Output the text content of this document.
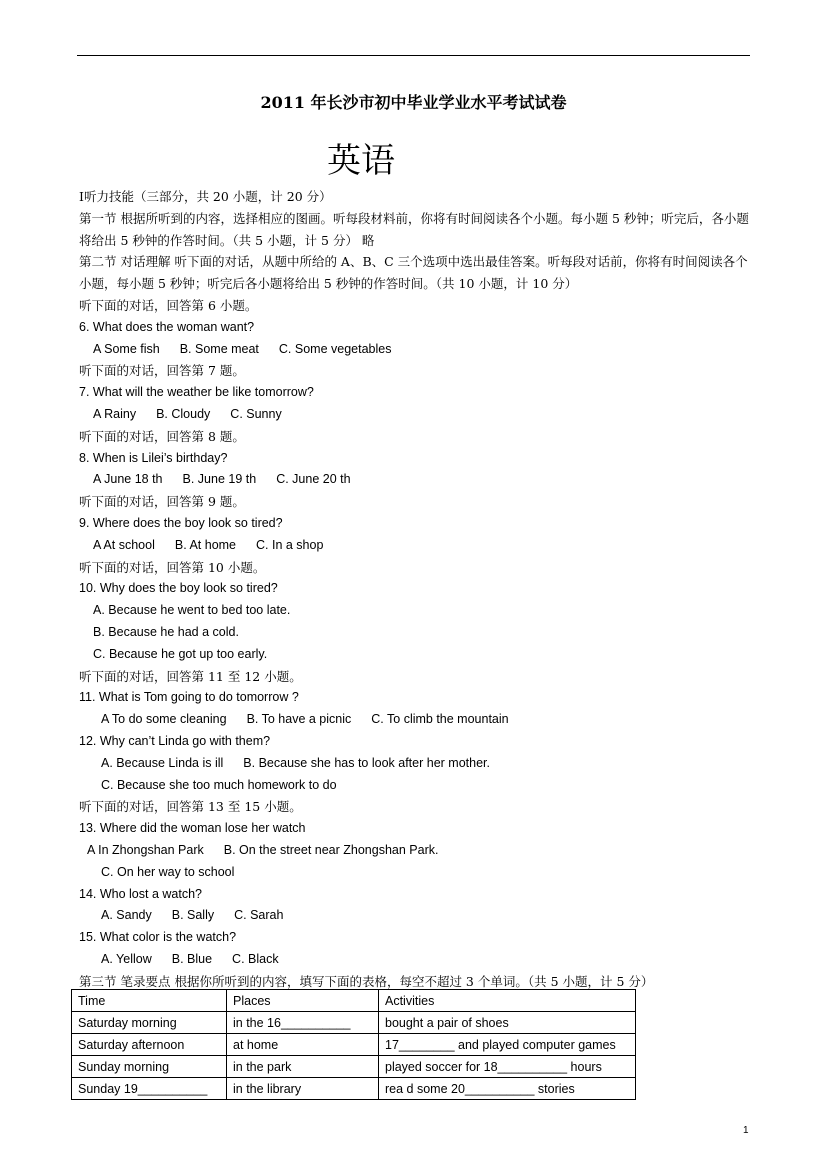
2011 年长沙市初中毕业学业水平考试试卷
英语
Ⅰ听力技能（三部分，共 20 小题，计 20 分）
第一节 根据所听到的内容，选择相应的图画。听每段材料前，你将有时间阅读各个小题。每小题 5 秒钟；听完后，各小题将给出 5 秒钟的作答时间。（共 5 小题，计 5 分） 略
第二节 对话理解 听下面的对话，从题中所给的 A、B、C 三个选项中选出最佳答案。听每段对话前，你将有时间阅读各个小题，每小题 5 秒钟；听完后各小题将给出 5 秒钟的作答时间。（共 10 小题，计 10 分）
听下面的对话，回答第 6 小题。
6. What does the woman want?
A Some fish B. Some meat C. Some vegetables
听下面的对话，回答第 7 题。
7. What will the weather be like tomorrow?
A Rainy B. Cloudy C. Sunny
听下面的对话，回答第 8 题。
8. When is Lilei’s birthday?
A June 18 th B. June 19 th C. June 20 th
听下面的对话，回答第 9 题。
9. Where does the boy look so tired?
A At school B. At home C. In a shop
听下面的对话，回答第 10 小题。
10. Why does the boy look so tired?
A. Because he went to bed too late.
B. Because he had a cold.
C. Because he got up too early.
听下面的对话，回答第 11 至 12 小题。
11. What is Tom going to do tomorrow ?
A To do some cleaning B. To have a picnic C. To climb the mountain
12. Why can’t Linda go with them?
A. Because Linda is ill B. Because she has to look after her mother.
C. Because she too much homework to do
听下面的对话，回答第 13 至 15 小题。
13. Where did the woman lose her watch
A In Zhongshan Park B. On the street near Zhongshan Park.
C. On her way to school
14. Who lost a watch?
A. Sandy B. Sally C. Sarah
15. What color is the watch?
A. Yellow B. Blue C. Black
第三节 笔录要点 根据你所听到的内容，填写下面的表格，每空不超过 3 个单词。（共 5 小题，计 5 分）
Time	Places	Activities
Saturday morning	in the 16__________	bought a pair of shoes
Saturday afternoon	at home	17________ and played computer games
Sunday morning	in the park	played soccer for 18__________ hours
Sunday 19__________	in the library	rea d some 20__________ stories
1
